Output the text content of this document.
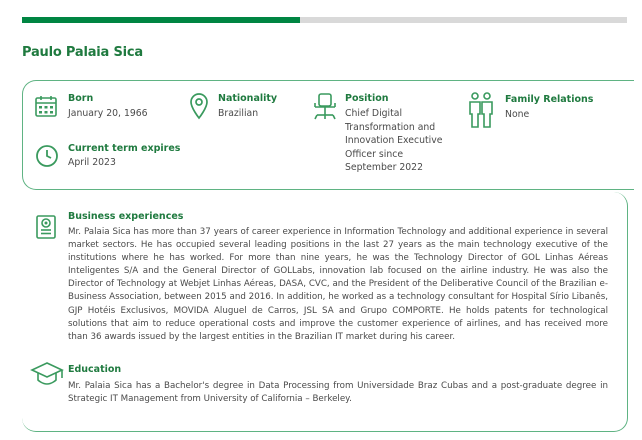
Paulo Palaia Sica
Born
January 20, 1966
Nationality
Brazilian
Position
Chief Digital Transformation and Innovation Executive Officer since September 2022
Family Relations
None
Current term expires
April 2023
Business experiences
Mr. Palaia Sica has more than 37 years of career experience in Information Technology and additional experience in several market sectors. He has occupied several leading positions in the last 27 years as the main technology executive of the institutions where he has worked. For more than nine years, he was the Technology Director of GOL Linhas Aéreas Inteligentes S/A and the General Director of GOLLabs, innovation lab focused on the airline industry. He was also the Director of Technology at Webjet Linhas Aéreas, DASA, CVC, and the President of the Deliberative Council of the Brazilian e-Business Association, between 2015 and 2016. In addition, he worked as a technology consultant for Hospital Sírio Libanês, GJP Hotéis Exclusivos, MOVIDA Aluguel de Carros, JSL SA and Grupo COMPORTE. He holds patents for technological solutions that aim to reduce operational costs and improve the customer experience of airlines, and has received more than 36 awards issued by the largest entities in the Brazilian IT market during his career.
Education
Mr. Palaia Sica has a Bachelor's degree in Data Processing from Universidade Braz Cubas and a post-graduate degree in Strategic IT Management from University of California – Berkeley.
